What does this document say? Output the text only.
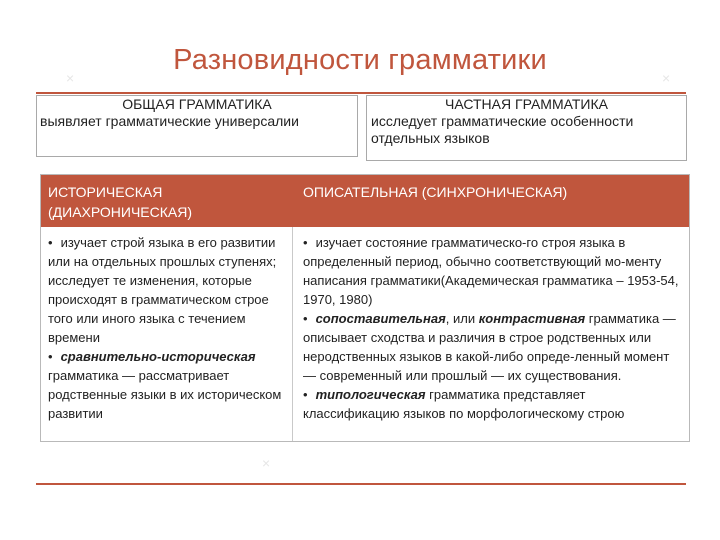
×	×
×
Разновидности грамматики
ОБЩАЯ ГРАММАТИКА
выявляет грамматические универсалии
ЧАСТНАЯ ГРАММАТИКА
исследует грамматические особенности
отдельных языков
ИСТОРИЧЕСКАЯ
(ДИАХРОНИЧЕСКАЯ)
ОПИСАТЕЛЬНАЯ (СИНХРОНИЧЕСКАЯ)

• изучает строй языка в его развитии или на отдельных прошлых ступенях; исследует те изменения, которые происходят в грамматическом строе того или иного языка с течением времени

• сравнительно-историческая грамматика — рассматривает родственные языки в их историческом развитии

• изучает состояние грамматическо-го строя языка в определенный период, обычно соответствующий мо-менту написания грамматики(Академическая грамматика – 1953-54, 1970, 1980)

• сопоставительная, или контрастивная грамматика — описывает сходства и различия в строе родственных или неродственных языков в какой-либо опреде-ленный момент — современный или прошлый — их существования.

• типологическая грамматика представляет классификацию языков по морфологическому строю
